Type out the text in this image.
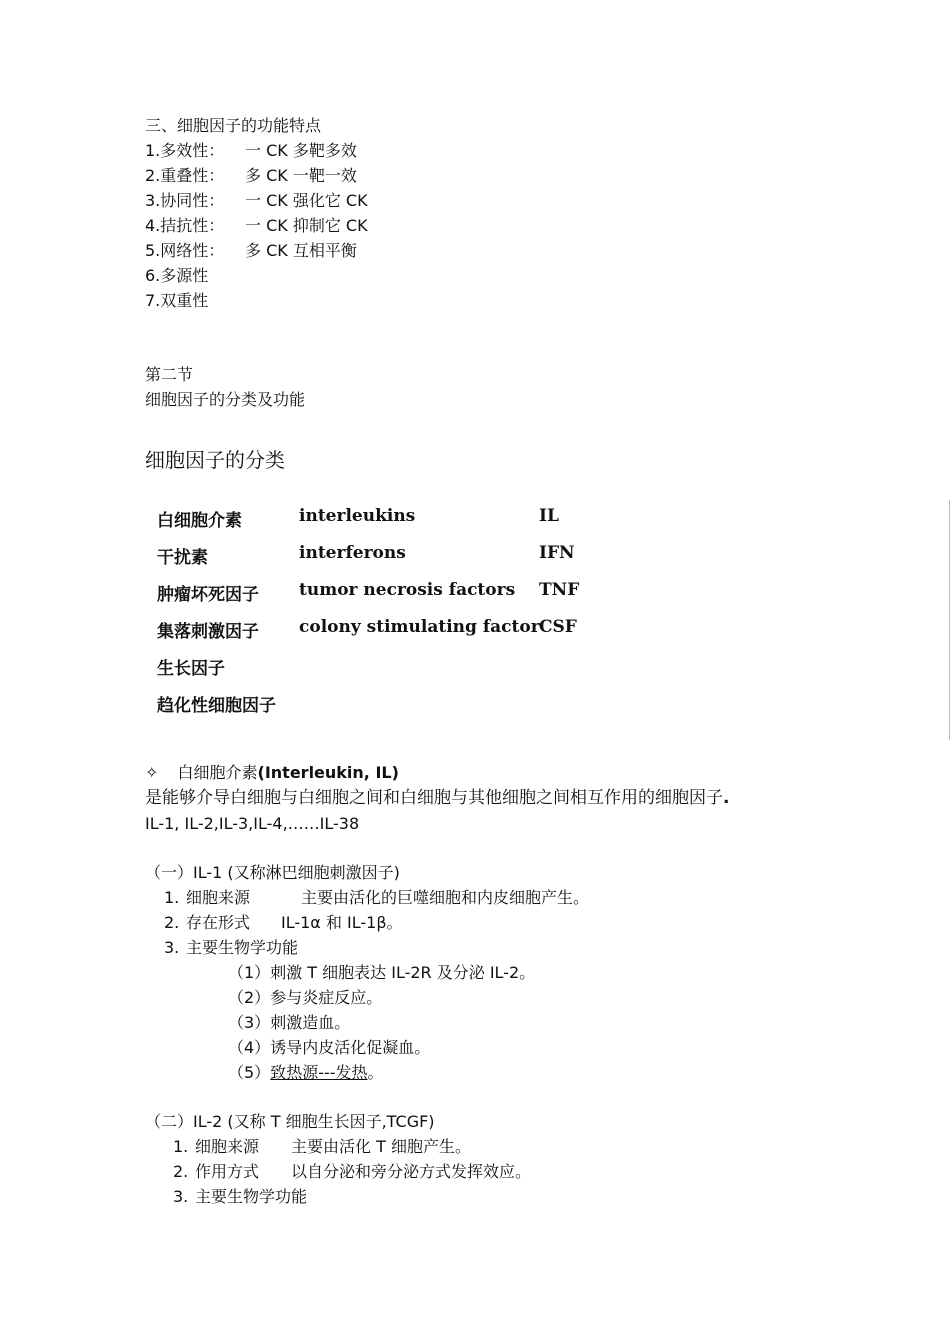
三、细胞因子的功能特点
1.多效性： 一 CK 多靶多效
2.重叠性： 多 CK 一靶一效
3.协同性： 一 CK 强化它 CK
4.拮抗性： 一 CK 抑制它 CK
5.网络性： 多 CK 互相平衡
6.多源性
7.双重性
第二节
细胞因子的分类及功能
细胞因子的分类
白细胞介素	interleukins	IL
干扰素	interferons	IFN
肿瘤坏死因子 tumor necrosis factors TNF
集落刺激因子 colony stimulating factor CSF
生长因子
趋化性细胞因子
✧ 白细胞介素(Interleukin, IL)
是能够介导白细胞与白细胞之间和白细胞与其他细胞之间相互作用的细胞因子.
IL-1, IL-2,IL-3,IL-4,……IL-38
（一）IL-1 (又称淋巴细胞刺激因子)
1. 细胞来源	主要由活化的巨噬细胞和内皮细胞产生。
2. 存在形式 IL-1α 和 IL-1β。
3. 主要生物学功能
（1）刺激 T 细胞表达 IL-2R 及分泌 IL-2。
（2）参与炎症反应。
（3）刺激造血。
（4）诱导内皮活化促凝血。
（5）致热源---发热。
（二）IL-2 (又称 T 细胞生长因子,TCGF)
1. 细胞来源 主要由活化 T 细胞产生。
2. 作用方式 以自分泌和旁分泌方式发挥效应。
3. 主要生物学功能
